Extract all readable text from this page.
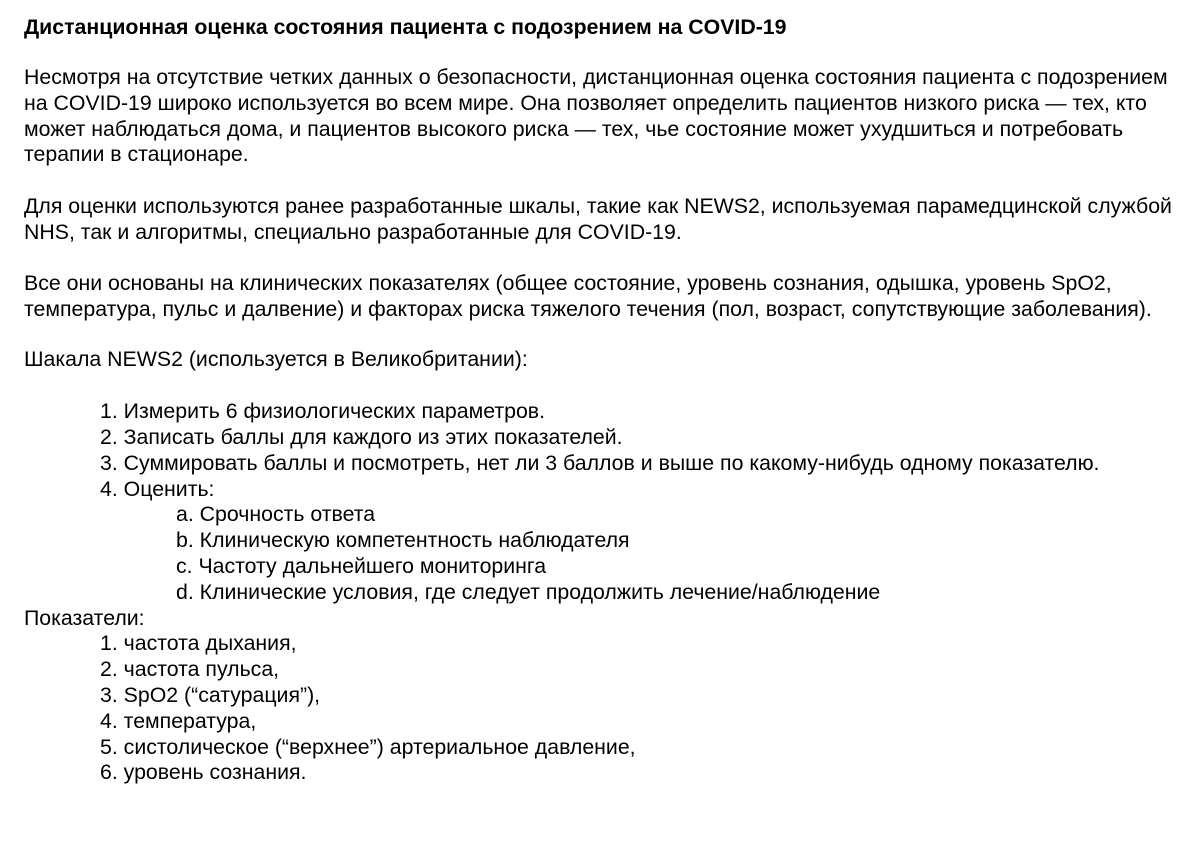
Дистанционная оценка состояния пациента с подозрением на COVID-19

Несмотря на отсутствие четких данных о безопасности, дистанционная оценка состояния пациента с подозрением на COVID-19 широко используется во всем мире. Она позволяет определить пациентов низкого риска — тех, кто может наблюдаться дома, и пациентов высокого риска — тех, чье состояние может ухудшиться и потребовать терапии в стационаре.

Для оценки используются ранее разработанные шкалы, такие как NEWS2, используемая парамедцинской службой NHS, так и алгоритмы, специально разработанные для COVID-19.

Все они основаны на клинических показателях (общее состояние, уровень сознания, одышка, уровень SpO2, температура, пульс и далвение) и факторах риска тяжелого течения (пол, возраст, сопутствующие заболевания).

Шакала NEWS2 (используется в Великобритании):

1. Измерить 6 физиологических параметров.
2. Записать баллы для каждого из этих показателей.
3. Суммировать баллы и посмотреть, нет ли 3 баллов и выше по какому-нибудь одному показателю.
4. Оценить:
a. Срочность ответа
b. Клиническую компетентность наблюдателя
c. Частоту дальнейшего мониторинга
d. Клинические условия, где следует продолжить лечение/наблюдение

Показатели:

1. частота дыхания,
2. частота пульса,
3. SpO2 (“сатурация”),
4. температура,
5. систолическое (“верхнее”) артериальное давление,
6. уровень сознания.
